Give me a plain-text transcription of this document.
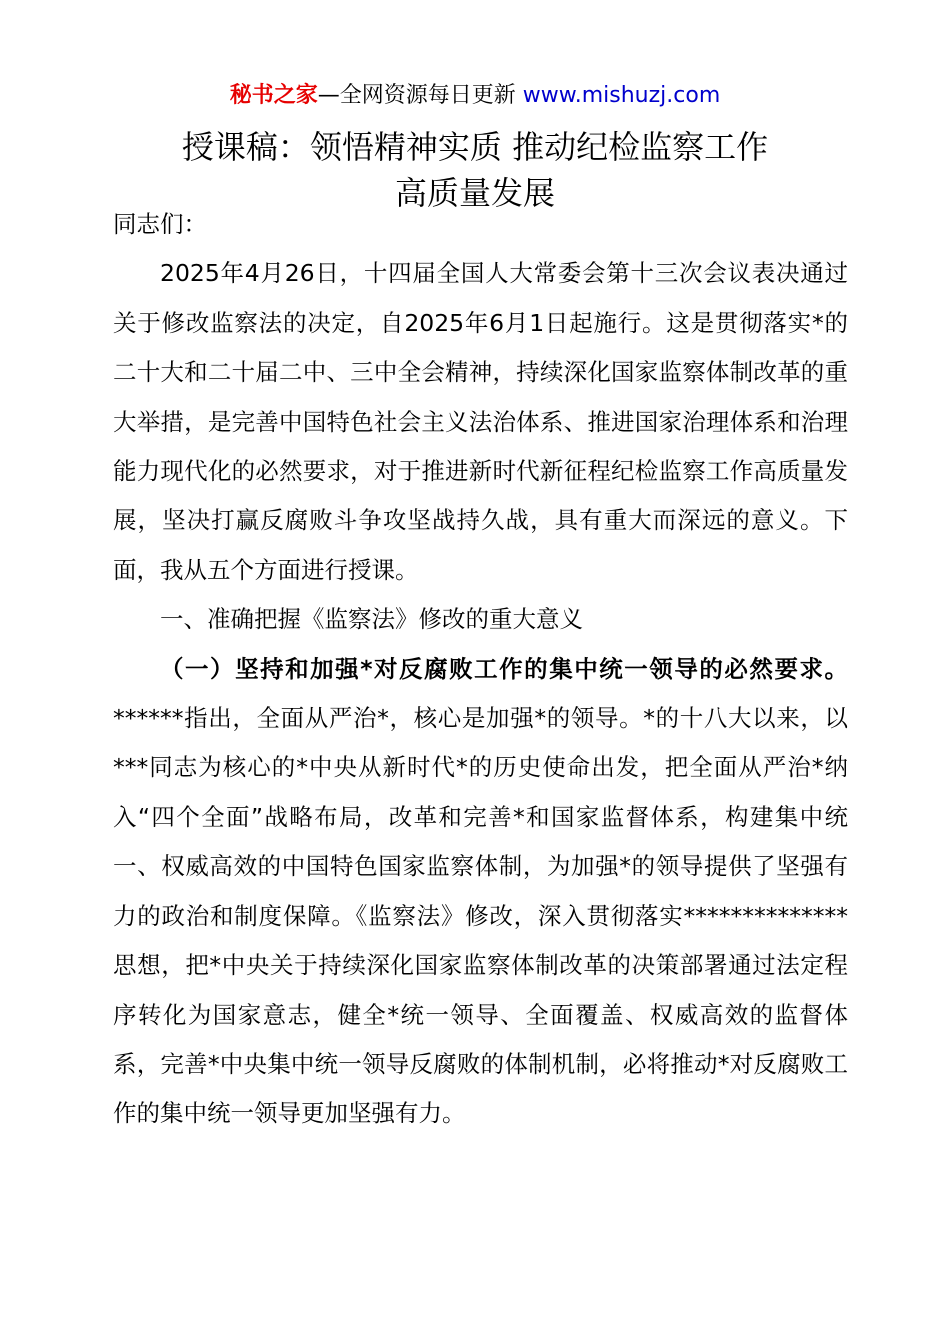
秘书之家—全网资源每日更新 www.mishuzj.com
授课稿：领悟精神实质 推动纪检监察工作
高质量发展

同志们：

2025年4月26日，十四届全国人大常委会第十三次会议表决通过关于修改监察法的决定，自2025年6月1日起施行。这是贯彻落实*的二十大和二十届二中、三中全会精神，持续深化国家监察体制改革的重大举措，是完善中国特色社会主义法治体系、推进国家治理体系和治理能力现代化的必然要求，对于推进新时代新征程纪检监察工作高质量发展，坚决打赢反腐败斗争攻坚战持久战，具有重大而深远的意义。下面，我从五个方面进行授课。

一、准确把握《监察法》修改的重大意义

（一）坚持和加强*对反腐败工作的集中统一领导的必然要求。******指出，全面从严治*，核心是加强*的领导。*的十八大以来，以***同志为核心的*中央从新时代*的历史使命出发，把全面从严治*纳入“四个全面”战略布局，改革和完善*和国家监督体系，构建集中统一、权威高效的中国特色国家监察体制，为加强*的领导提供了坚强有力的政治和制度保障。《监察法》修改，深入贯彻落实**************思想，把*中央关于持续深化国家监察体制改革的决策部署通过法定程序转化为国家意志，健全*统一领导、全面覆盖、权威高效的监督体系，完善*中央集中统一领导反腐败的体制机制，必将推动*对反腐败工作的集中统一领导更加坚强有力。
